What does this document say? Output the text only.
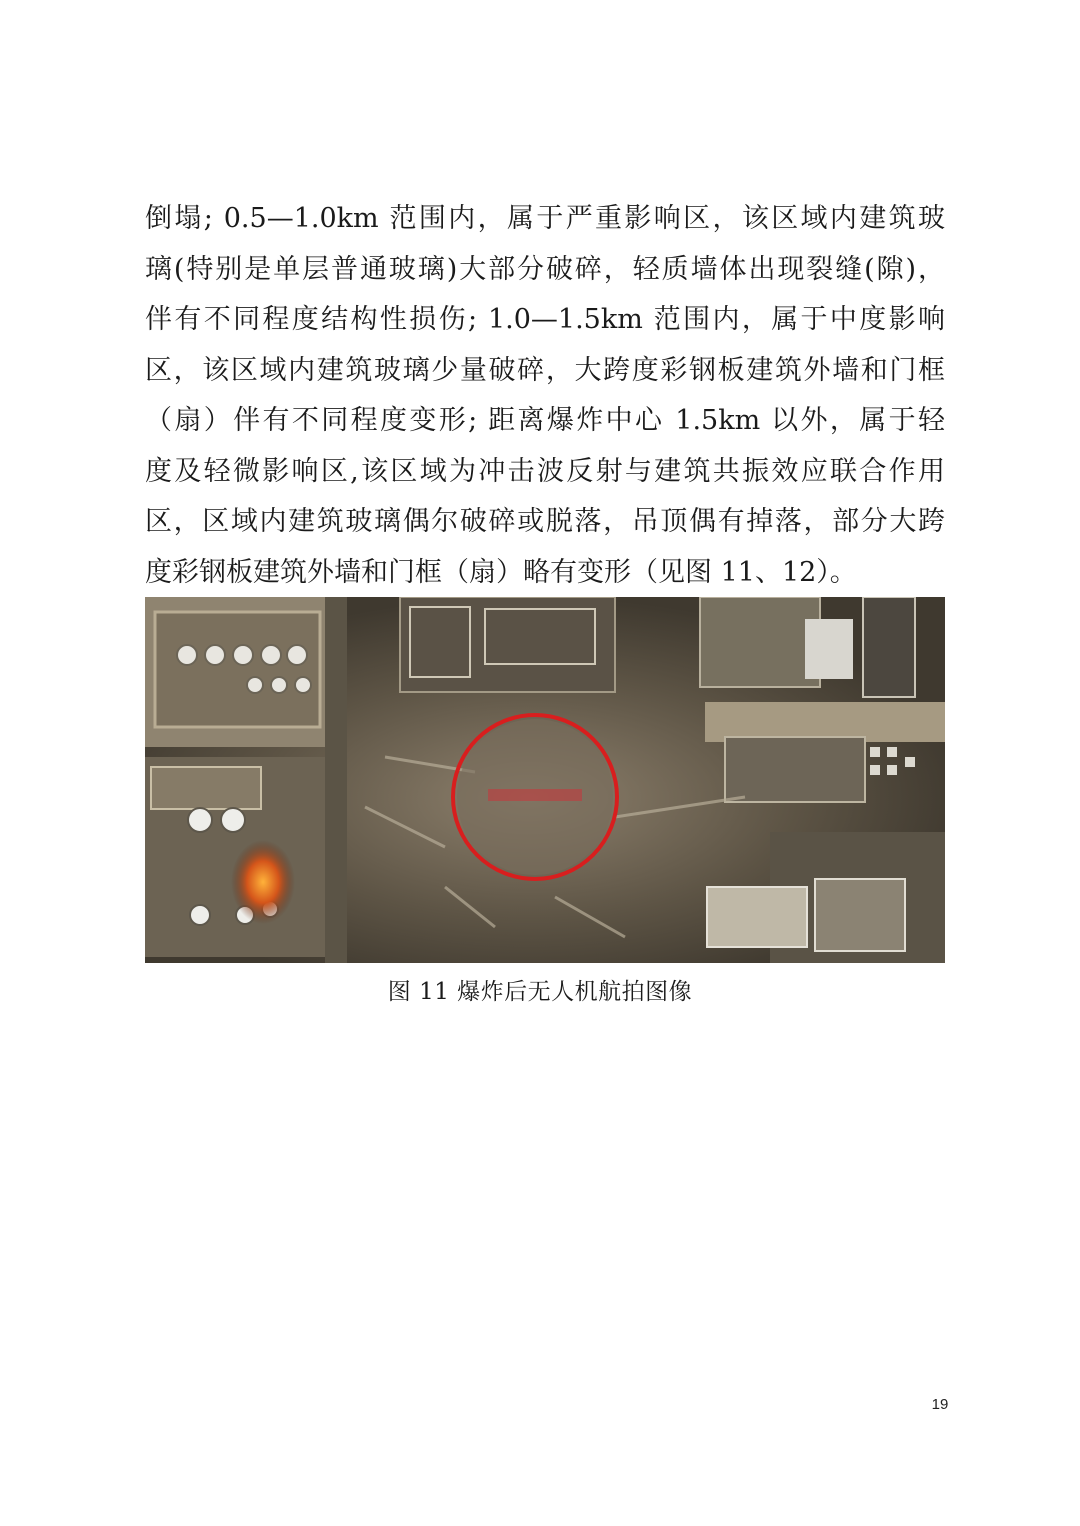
倒塌; 0.5—1.0km 范围内，属于严重影响区，该区域内建筑玻
璃(特别是单层普通玻璃)大部分破碎，轻质墙体出现裂缝(隙)，
伴有不同程度结构性损伤; 1.0—1.5km 范围内，属于中度影响
区，该区域内建筑玻璃少量破碎，大跨度彩钢板建筑外墙和门框
（扇）伴有不同程度变形; 距离爆炸中心 1.5km 以外，属于轻
度及轻微影响区,该区域为冲击波反射与建筑共振效应联合作用
区，区域内建筑玻璃偶尔破碎或脱落，吊顶偶有掉落，部分大跨
度彩钢板建筑外墙和门框（扇）略有变形（见图 11、12）。
图 11 爆炸后无人机航拍图像
19
